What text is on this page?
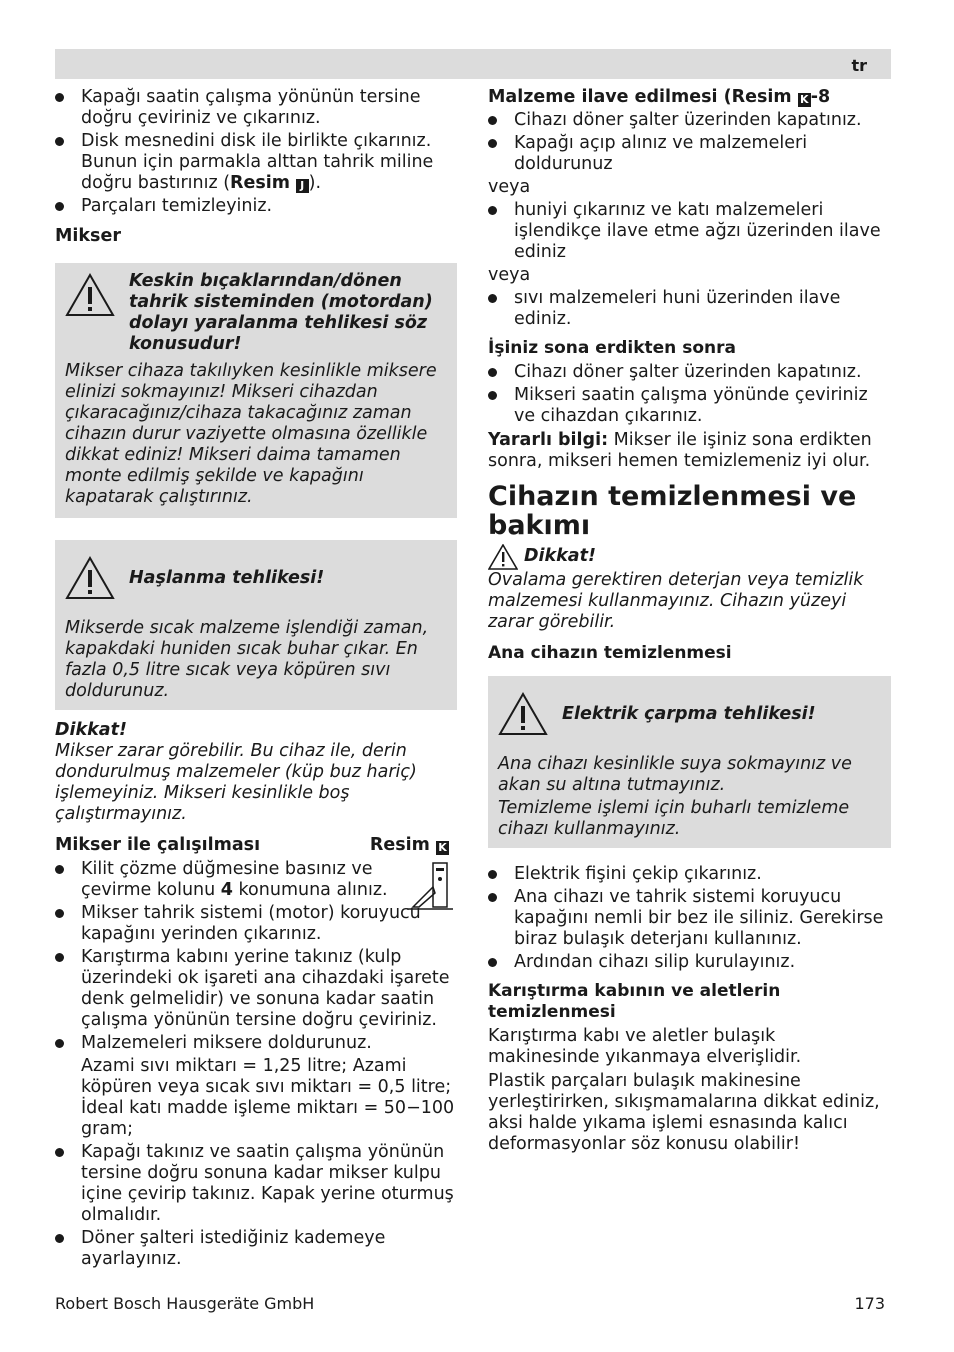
tr
Kapağı saatin çalışma yönünün tersine doğru çeviriniz ve çıkarınız.
Disk mesnedini disk ile birlikte çıkarınız. Bunun için parmakla alttan tahrik miline doğru bastırınız (Resim J ).
Parçaları temizleyiniz.
Mikser
Keskin bıçaklarından/dönen tahrik sisteminden (motordan) dolayı yaralanma tehlikesi söz konusudur!

Mikser cihaza takılıyken kesinlikle miksere elinizi sokmayınız! Mikseri cihazdan çıkaracağınız/cihaza takacağınız zaman cihazın durur vaziyette olmasına özellikle dikkat ediniz! Mikseri daima tamamen monte edilmiş şekilde ve kapağını kapatarak çalıştırınız.

Haşlanma tehlikesi!

Mikserde sıcak malzeme işlendiği zaman, kapakdaki huniden sıcak buhar çıkar. En fazla 0,5 litre sıcak veya köpüren sıvı doldurunuz.

Dikkat!

Mikser zarar görebilir. Bu cihaz ile, derin dondurulmuş malzemeler (küp buz hariç) işlemeyiniz. Mikseri kesinlikle boş çalıştırmayınız.

Mikser ile çalışılması	Resim K
Kilit çözme düğmesine basınız ve çevirme kolunu 4 konumuna alınız.
Mikser tahrik sistemi (motor) koruyucu kapağını yerinden çıkarınız.
Karıştırma kabını yerine takınız (kulp üzerindeki ok işareti ana cihazdaki işarete denk gelmelidir) ve sonuna kadar saatin çalışma yönünün tersine doğru çeviriniz.
Malzemeleri miksere doldurunuz.

Azami sıvı miktarı = 1,25 litre; Azami köpüren veya sıcak sıvı miktarı = 0,5 litre; İdeal katı madde işleme miktarı = 50−100 gram;

Kapağı takınız ve saatin çalışma yönünün tersine doğru sonuna kadar mikser kulpu içine çevirip takınız. Kapak yerine oturmuş olmalıdır.
Döner şalteri istediğiniz kademeye ayarlayınız.

Malzeme ilave edilmesi (Resim K -8

Cihazı döner şalter üzerinden kapatınız.
Kapağı açıp alınız ve malzemeleri doldurunuz

veya

huniyi çıkarınız ve katı malzemeleri işlendikçe ilave etme ağzı üzerinden ilave ediniz

veya

sıvı malzemeleri huni üzerinden ilave ediniz.
İşiniz sona erdikten sonra
Cihazı döner şalter üzerinden kapatınız.
Mikseri saatin çalışma yönünde çeviriniz ve cihazdan çıkarınız.

Yararlı bilgi: Mikser ile işiniz sona erdikten sonra, mikseri hemen temizlemeniz iyi olur.

Cihazın temizlenmesi ve bakımı
Dikkat!

Ovalama gerektiren deterjan veya temizlik malzemesi kullanmayınız. Cihazın yüzeyi zarar görebilir.

Ana cihazın temizlenmesi
Elektrik çarpma tehlikesi!

Ana cihazı kesinlikle suya sokmayınız ve akan su altına tutmayınız.

Temizleme işlemi için buharlı temizleme cihazı kullanmayınız.

Elektrik fişini çekip çıkarınız.
Ana cihazı ve tahrik sistemi koruyucu kapağını nemli bir bez ile siliniz. Gerekirse biraz bulaşık deterjanı kullanınız.
Ardından cihazı silip kurulayınız.
Karıştırma kabının ve aletlerin temizlenmesi

Karıştırma kabı ve aletler bulaşık makinesinde yıkanmaya elverişlidir.

Plastik parçaları bulaşık makinesine yerleştirirken, sıkışmamalarına dikkat ediniz, aksi halde yıkama işlemi esnasında kalıcı deformasyonlar söz konusu olabilir!

Robert Bosch Hausgeräte GmbH	173
